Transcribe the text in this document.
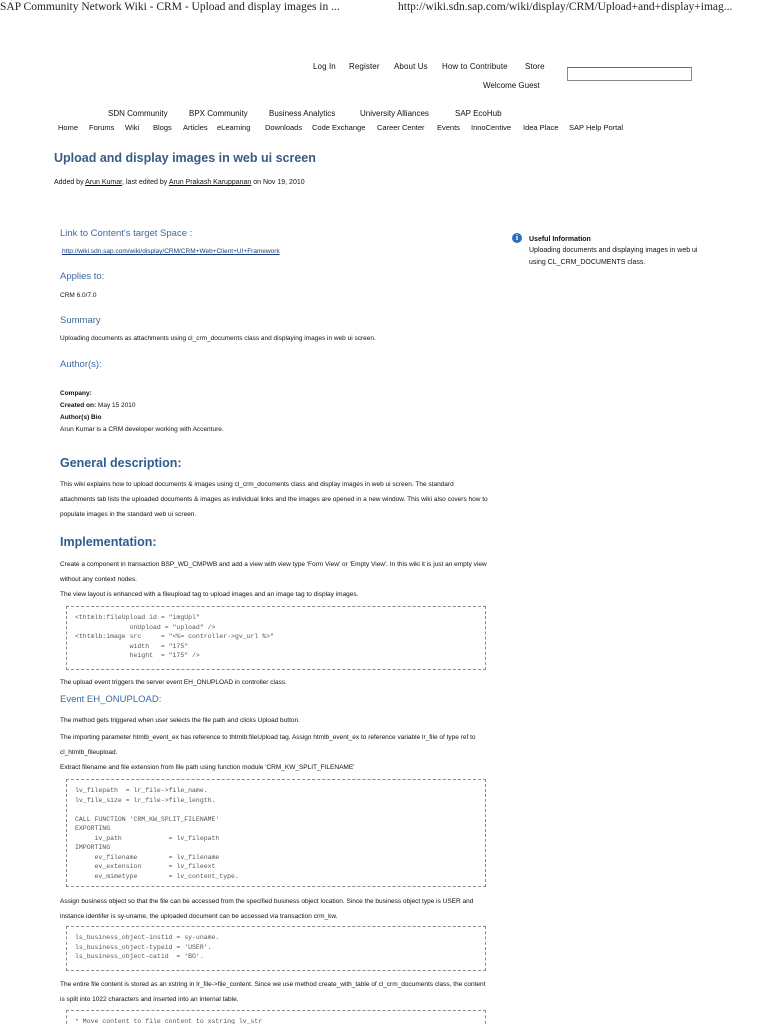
SAP Community Network Wiki - CRM - Upload and display images in ...	http://wiki.sdn.sap.com/wiki/display/CRM/Upload+and+display+imag...
Log In Register About Us How to Contribute Store
Welcome Guest
SDN Community	BPX Community	Business Analytics	University Alliances	SAP EcoHub
Home Forums Wiki Blogs Articles eLearning Downloads Code Exchange Career Center Events InnoCentive Idea Place SAP Help Portal
Upload and display images in web ui screen
Added by Arun Kumar, last edited by Arun Prakash Karuppanan on Nov 19, 2010
i	Useful Information
Uploading documents and displaying images in web ui using CL_CRM_DOCUMENTS class.
Link to Content's target Space :
http://wiki.sdn.sap.com/wiki/display/CRM/CRM+Web+Client+UI+Framework
Applies to:
CRM 6.0/7.0
Summary
Uploading documents as attachments using cl_crm_documents class and displaying images in web ui screen.
Author(s):
Company:
Created on: May 15 2010
Author(s) Bio
Arun Kumar is a CRM developer working with Accenture.
General description:
This wiki explains how to upload documents & images using cl_crm_documents class and display images in web ui screen. The standard attachments tab lists the uploaded documents & images as individual links and the images are opened in a new window. This wiki also covers how to populate images in the standard web ui screen.
Implementation:
Create a component in transaction BSP_WD_CMPWB and add a view with view type 'Form View' or 'Empty View'. In this wiki it is just an empty view without any context nodes.
The view layout is enhanced with a fileupload tag to upload images and an image tag to display images.
<thtmlb:fileUpload id = "imgUpl"
onUpload = "upload" />
<thtmlb:image src     = "<%= controller->gv_url %>"
width   = "175"
height  = "175" />
The upload event triggers the server event EH_ONUPLOAD in controller class.
Event EH_ONUPLOAD:
The method gets triggered when user selects the file path and clicks Upload button.
The importing parameter htmlb_event_ex has reference to thtmlb:fileUpload tag. Assign htmlb_event_ex to reference variable lr_file of type ref to cl_htmlb_fileupload.
Extract filename and file extension from file path using function module 'CRM_KW_SPLIT_FILENAME'
lv_filepath  = lr_file->file_name.
lv_file_size = lr_file->file_length.

CALL FUNCTION 'CRM_KW_SPLIT_FILENAME'
EXPORTING
iv_path            = lv_filepath
IMPORTING
ev_filename        = lv_filename
ev_extension       = lv_fileext
ev_mimetype        = lv_content_type.
Assign business object so that the file can be accessed from the specified business object location. Since the business object type is USER and instance identifer is sy-uname, the uploaded document can be accessed via transaction crm_kw.
ls_business_object-instid = sy-uname.
ls_business_object-typeid = 'USER'.
ls_business_object-catid  = 'BO'.
The entire file content is stored as an xstring in lr_file->file_content. Since we use method create_with_table of cl_crm_documents class, the content is split into 1022 characters and inserted into an internal table.
* Move content to file content to xstring lv_str
